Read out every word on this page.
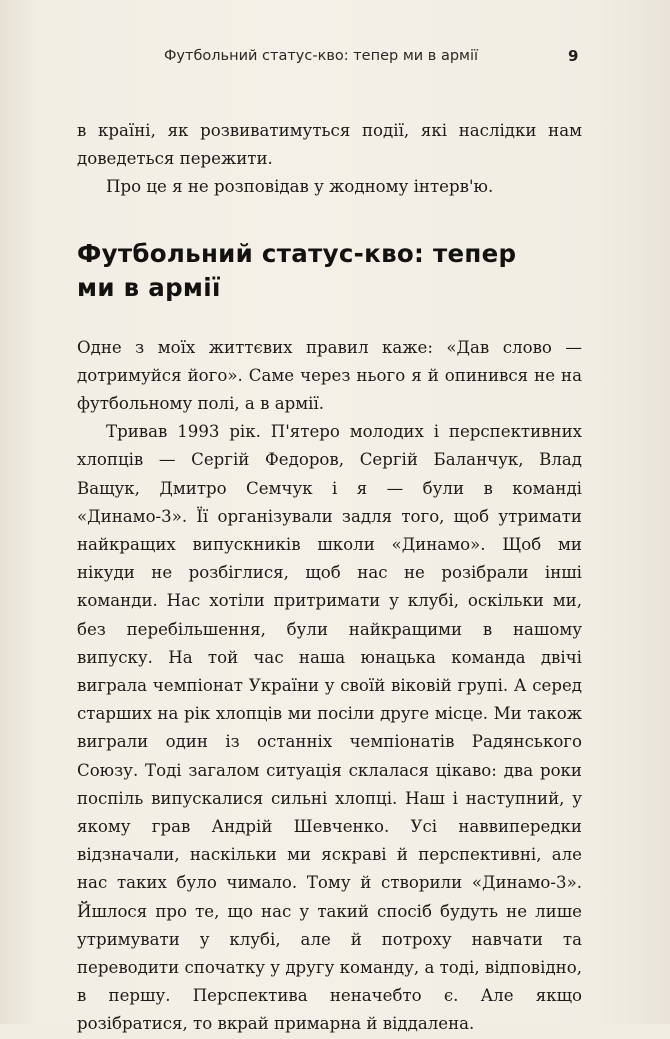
Футбольний статус-кво: тепер ми в армії	9

в країні, як розвиватимуться події, які наслідки нам доведеться пережити.

Про це я не розповідав у жодному інтерв'ю.

Футбольний статус-кво: тепер
ми в армії

Одне з моїх життєвих правил каже: «Дав слово — дотримуйся його». Саме через нього я й опинився не на футбольному полі, а в армії.

Тривав 1993 рік. П'ятеро молодих і перспективних хлопців — Сергій Федоров, Сергій Баланчук, Влад Ващук, Дмитро Семчук і я — були в команді «Динамо-3». Її організували задля того, щоб утримати найкращих випускників школи «Динамо». Щоб ми нікуди не розбіглися, щоб нас не розібрали інші команди. Нас хотіли притримати у клубі, оскільки ми, без перебільшення, були найкращими в нашому випуску. На той час наша юнацька команда двічі виграла чемпіонат України у своїй віковій групі. А серед старших на рік хлопців ми посіли друге місце. Ми також виграли один із останніх чемпіонатів Радянського Союзу. Тоді загалом ситуація склалася цікаво: два роки поспіль випускалися сильні хлопці. Наш і наступний, у якому грав Андрій Шевченко. Усі наввипередки відзначали, наскільки ми яскраві й перспективні, але нас таких було чимало. Тому й створили «Динамо-3». Йшлося про те, що нас у такий спосіб будуть не лише утримувати у клубі, але й потроху навчати та переводити спочатку у другу команду, а тоді, відповідно, в першу. Перспектива неначебто є. Але якщо розібратися, то вкрай примарна й віддалена.
